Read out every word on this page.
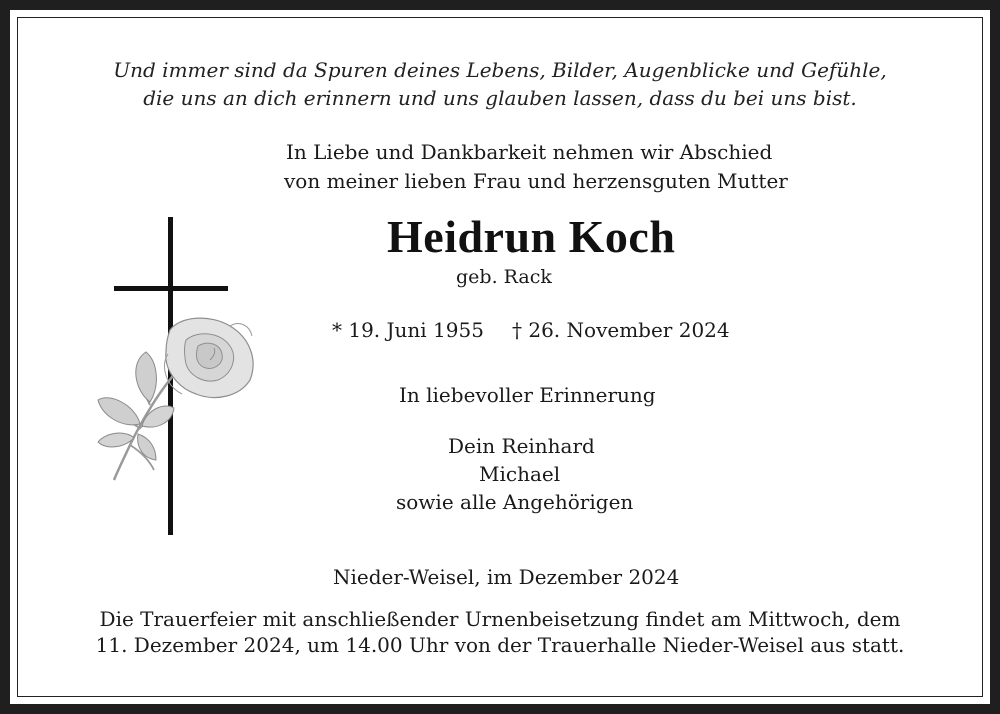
Und immer sind da Spuren deines Lebens, Bilder, Augenblicke und Gefühle,
die uns an dich erinnern und uns glauben lassen, dass du bei uns bist.
In Liebe und Dankbarkeit nehmen wir Abschied
von meiner lieben Frau und herzensguten Mutter
Heidrun Koch
geb. Rack
* 19. Juni 1955 † 26. November 2024
In liebevoller Erinnerung
Dein Reinhard
Michael
sowie alle Angehörigen
Nieder-Weisel, im Dezember 2024
Die Trauerfeier mit anschließender Urnenbeisetzung findet am Mittwoch, dem
11. Dezember 2024, um 14.00 Uhr von der Trauerhalle Nieder-Weisel aus statt.
